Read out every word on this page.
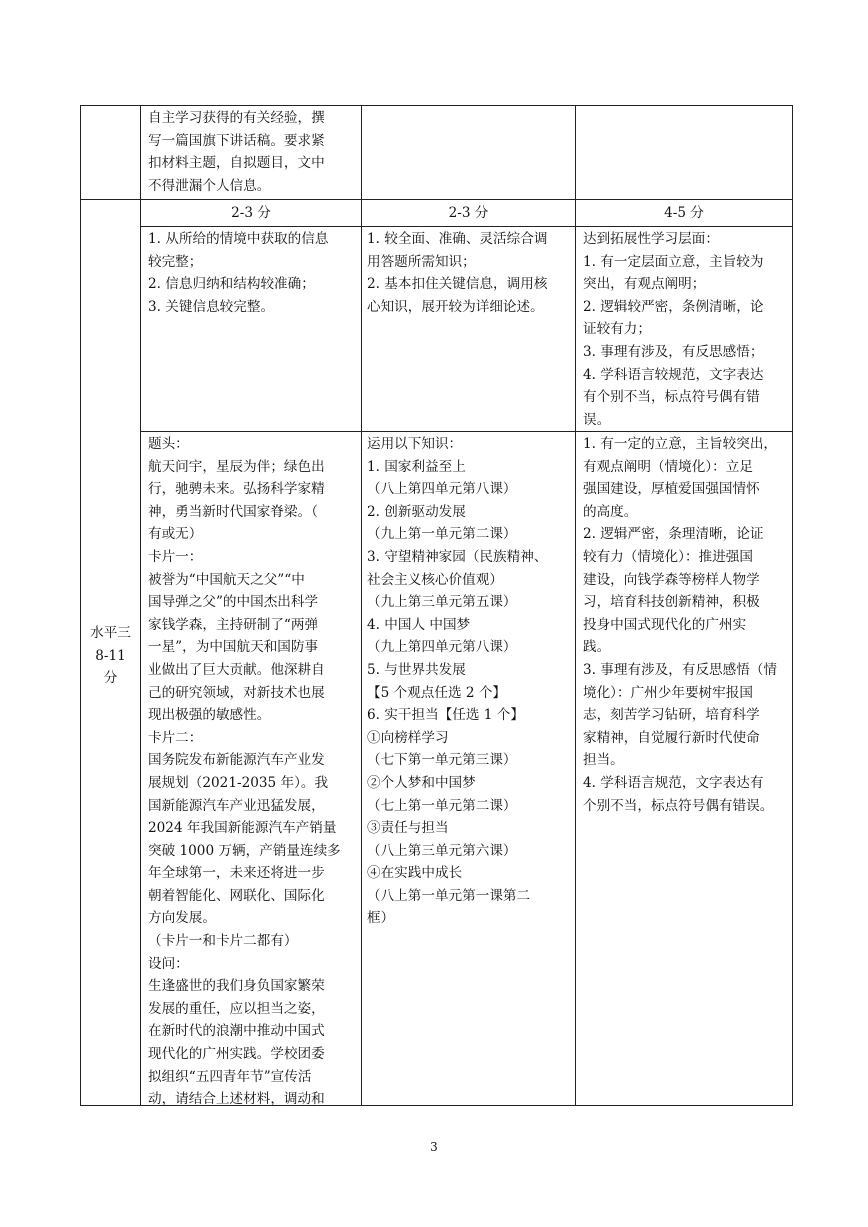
自主学习获得的有关经验，撰
写一篇国旗下讲话稿。要求紧
扣材料主题，自拟题目，文中
不得泄漏个人信息。
水平三
8-11
分
2-3 分	2-3 分	4-5 分
1. 从所给的情境中获取的信息
较完整；
2. 信息归纳和结构较准确；
3. 关键信息较完整。
1. 较全面、准确、灵活综合调
用答题所需知识；
2. 基本扣住关键信息，调用核
心知识，展开较为详细论述。
达到拓展性学习层面：
1. 有一定层面立意，主旨较为
突出，有观点阐明；
2. 逻辑较严密，条例清晰，论
证较有力；
3. 事理有涉及，有反思感悟；
4. 学科语言较规范，文字表达
有个别不当，标点符号偶有错
误。
题头：
航天问宇，星辰为伴；绿色出
行，驰骋未来。弘扬科学家精
神，勇当新时代国家脊梁。（
有或无）
卡片一：
被誉为“中国航天之父”“中
国导弹之父”的中国杰出科学
家钱学森，主持研制了“两弹
一星”，为中国航天和国防事
业做出了巨大贡献。他深耕自
己的研究领域，对新技术也展
现出极强的敏感性。
卡片二：
国务院发布新能源汽车产业发
展规划（2021-2035 年）。我
国新能源汽车产业迅猛发展，
2024 年我国新能源汽车产销量
突破 1000 万辆，产销量连续多
年全球第一，未来还将进一步
朝着智能化、网联化、国际化
方向发展。
（卡片一和卡片二都有）
设问：
生逢盛世的我们身负国家繁荣
发展的重任，应以担当之姿，
在新时代的浪潮中推动中国式
现代化的广州实践。学校团委
拟组织“五四青年节”宣传活
动，请结合上述材料，调动和
运用以下知识：
1. 国家利益至上
（八上第四单元第八课）
2. 创新驱动发展
（九上第一单元第二课）
3. 守望精神家园（民族精神、
社会主义核心价值观）
（九上第三单元第五课）
4. 中国人 中国梦
（九上第四单元第八课）
5. 与世界共发展
【5 个观点任选 2 个】
6. 实干担当【任选 1 个】
①向榜样学习
（七下第一单元第三课）
②个人梦和中国梦
（七上第一单元第二课）
③责任与担当
（八上第三单元第六课）
④在实践中成长
（八上第一单元第一课第二
框）
1. 有一定的立意，主旨较突出，
有观点阐明（情境化）：立足
强国建设，厚植爱国强国情怀
的高度。
2. 逻辑严密，条理清晰，论证
较有力（情境化）：推进强国
建设，向钱学森等榜样人物学
习，培育科技创新精神，积极
投身中国式现代化的广州实
践。
3. 事理有涉及，有反思感悟（情
境化）：广州少年要树牢报国
志，刻苦学习钻研，培育科学
家精神，自觉履行新时代使命
担当。
4. 学科语言规范，文字表达有
个别不当，标点符号偶有错误。
3
